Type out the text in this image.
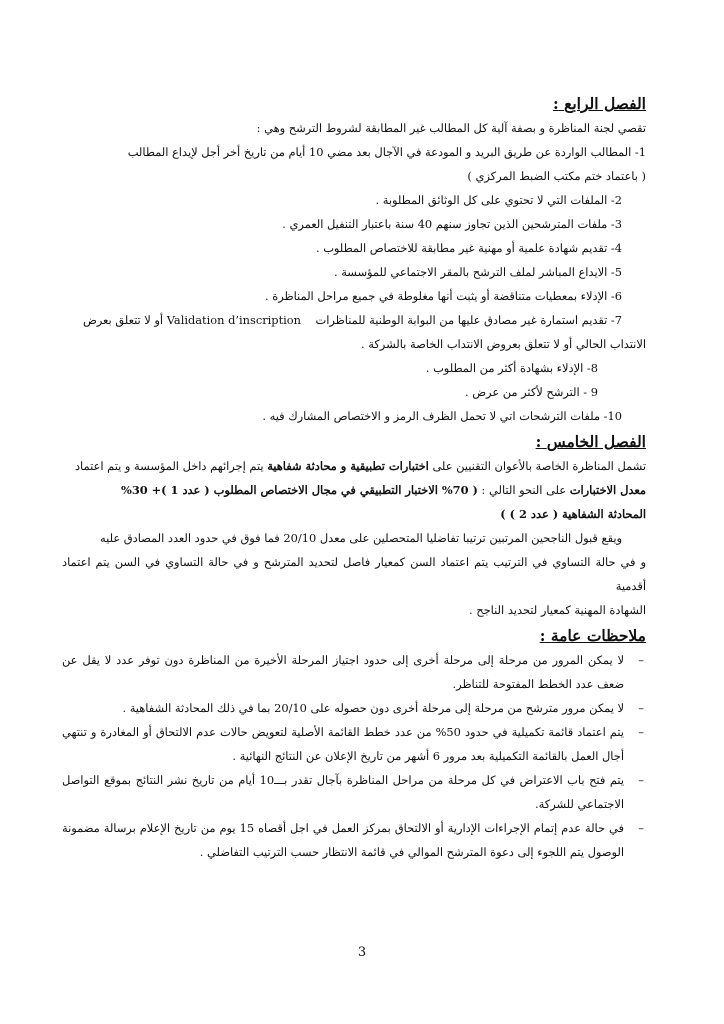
الفصل الرابع :

تقصي لجنة المناظرة و بصفة آلية كل المطالب غير المطابقة لشروط الترشح وهي :

1- المطالب الواردة عن طريق البريد و المودعة في الآجال بعد مضي 10 أيام من تاريخ أخر أجل لإيداع المطالب

( باعتماد ختم مكتب الضبط المركزي )

2- الملفات التي لا تحتوي على كل الوثائق المطلوبة .

3- ملفات المترشحين الذين تجاوز سنهم 40 سنة باعتبار التنفيل العمري .

4- تقديم شهادة علمية أو مهنية غير مطابقة للاختصاص المطلوب .

5- الايداع المباشر لملف الترشح بالمقر الاجتماعي للمؤسسة .

6- الإدلاء بمعطيات متناقضة أو يثبت أنها مغلوطة في جميع مراحل المناظرة .

7- تقديم استمارة غير مصادق عليها من البوابة الوطنية للمناظرات    Validation d’inscription أو لا تتعلق بعرض

الانتداب الحالي أو لا تتعلق بعروض الانتداب الخاصة بالشركة .

8- الإدلاء بشهادة أكثر من المطلوب .

9 - الترشح لأكثر من عرض .

10- ملفات الترشحات اتي لا تحمل الظرف الرمز و الاختصاص المشارك فيه .

الفصل الخامس :

تشمل المناظرة الخاصة بالأعوان التقنيين على اختبارات تطبيقية و محادثة شفاهية يتم إجرائهم داخل المؤسسة و يتم اعتماد

معدل الاختبارات على النحو التالي : ( 70% الاختبار التطبيقي في مجال الاختصاص المطلوب ( عدد 1 )+ 30%

المحادثة الشفاهية ( عدد 2 ) )

ويقع قبول الناجحين المرتبين ترتيبا تفاضليا المتحصلين على معدل 20/10 فما فوق في حدود العدد المصادق عليه

و في حالة التساوي في الترتيب يتم اعتماد السن كمعيار فاصل لتحديد المترشح و في حالة التساوي في السن يتم اعتماد أقدمية

الشهادة المهنية كمعيار لتحديد الناجح .

ملاحظات عامة :

–
لا يمكن المرور من مرحلة إلى مرحلة أخرى إلى حدود اجتياز المرحلة الأخيرة من المناظرة دون توفر عدد لا يقل عن ضعف عدد الخطط المفتوحة للتناظر.

–
لا يمكن مرور مترشح من مرحلة إلى مرحلة أخرى دون حصوله على 20/10 بما في ذلك المحادثة الشفاهية .

–
يتم اعتماد قائمة تكميلية في حدود 50% من عدد خطط القائمة الأصلية لتعويض حالات عدم الالتحاق أو المغادرة و تنتهي أجال العمل بالقائمة التكميلية بعد مرور 6 أشهر من تاريخ الإعلان عن النتائج النهائية .

–
يتم فتح باب الاعتراض في كل مرحلة من مراحل المناظرة بآجال تقدر بـــ10 أيام من تاريخ نشر النتائج بموقع التواصل الاجتماعي للشركة.

–
في حالة عدم إتمام الإجراءات الإدارية أو الالتحاق بمركز العمل في اجل أقصاه 15 يوم من تاريخ الإعلام برسالة مضمونة الوصول يتم اللجوء إلى دعوة المترشح الموالي في قائمة الانتظار حسب الترتيب التفاضلي .

3
